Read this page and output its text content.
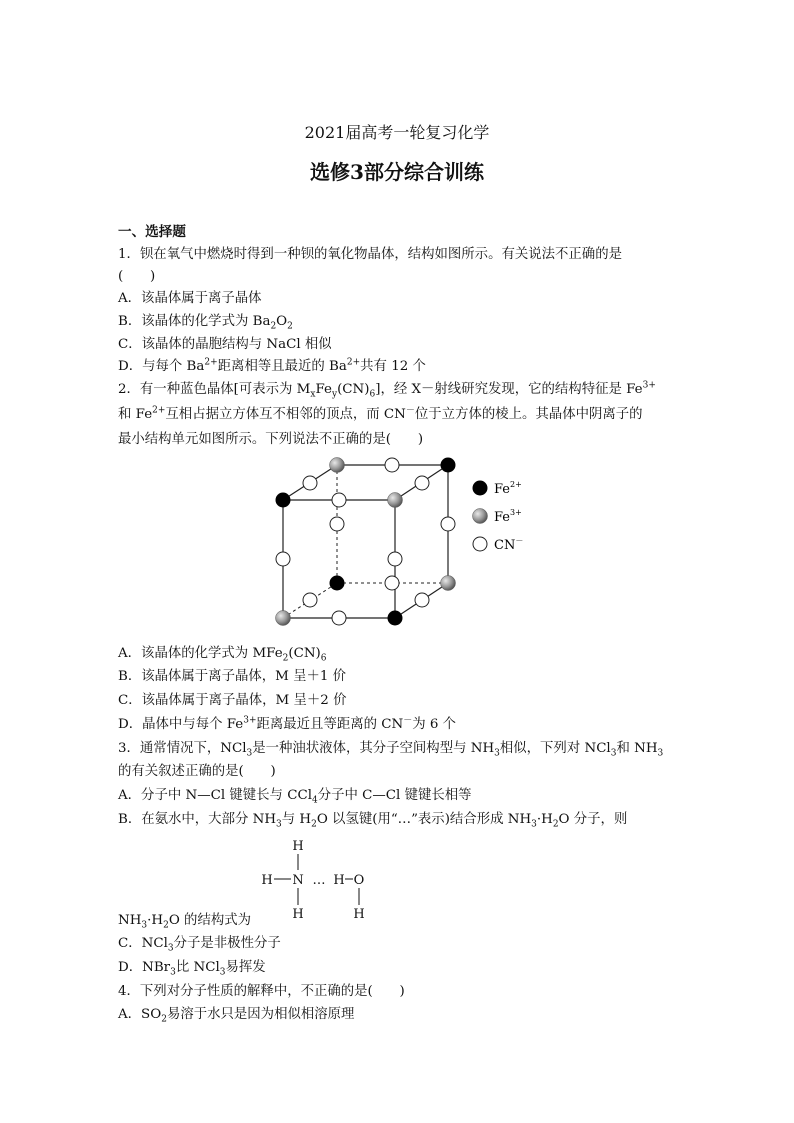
2021届高考一轮复习化学
选修3部分综合训练
一、选择题
1．钡在氧气中燃烧时得到一种钡的氧化物晶体，结构如图所示。有关说法不正确的是
(　　)
A．该晶体属于离子晶体
B．该晶体的化学式为 $Ba_2O_2$
C．该晶体的晶胞结构与 NaCl 相似
D．与每个 $Ba^{2+}$距离相等且最近的 $Ba^{2+}$共有 12 个
2．有一种蓝色晶体[可表示为 $M_xFe_y(CN)_6$]，经 X－射线研究发现，它的结构特征是 $Fe^{3+}$
和 $Fe^{2+}$互相占据立方体互不相邻的顶点，而 CN－位于立方体的棱上。其晶体中阴离子的
最小结构单元如图所示。下列说法不正确的是(　　)
$Fe^{2+}$
$Fe^{3+}$
CN－
A．该晶体的化学式为 $MFe_2(CN)_6$
B．该晶体属于离子晶体，M 呈＋1 价
C．该晶体属于离子晶体，M 呈＋2 价
D．晶体中与每个 $Fe^{3+}$距离最近且等距离的 CN－为 6 个
3．通常情况下，NCl$_3$是一种油状液体，其分子空间构型与 $NH_3$相似，下列对 NCl$_3$和 $NH_3$
的有关叙述正确的是(　　)
A．分子中 N—Cl 键键长与 CCl$_4$分子中 C—Cl 键键长相等
B．在氨水中，大部分 $NH_3$与 $H_2O$ 以氢键(用“…”表示)结合形成 $NH_3\cdot H_2O$ 分子，则
H
H N … H O
H	H
$NH_3\cdot H_2O$ 的结构式为
C．NCl$_3$分子是非极性分子
D．NBr$_3$比 NCl$_3$易挥发
4．下列对分子性质的解释中，不正确的是(　　)
A．$SO_2$易溶于水只是因为相似相溶原理
